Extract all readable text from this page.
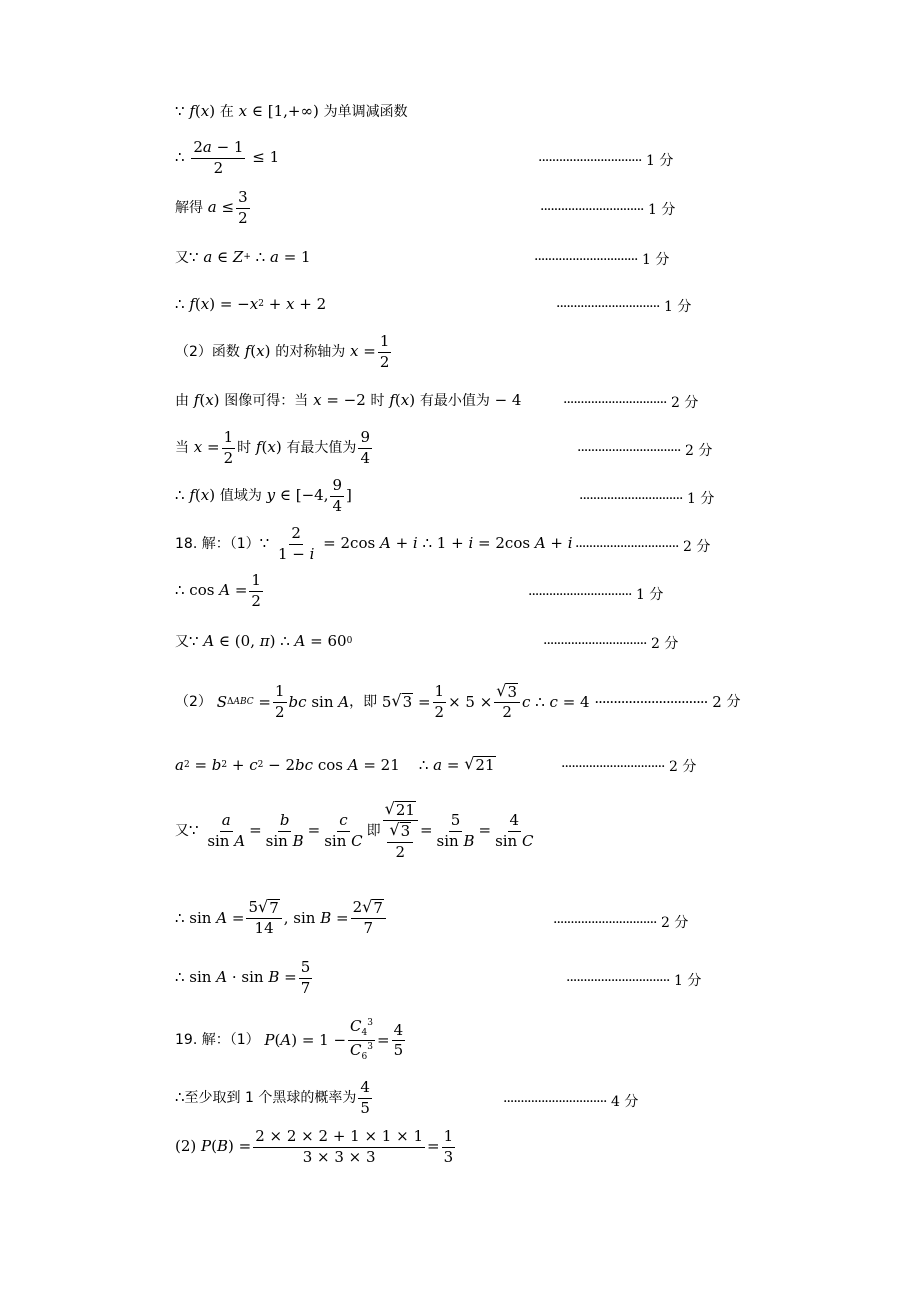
∵ f ( x ) 在
x ∈ [1,+∞) 为单调减函数
∴ $\frac{2a - 1}{2} \le 1$	······························ 1 分
解得
$a \le \frac{3}{2}$	······························ 1 分
又 ∵ a ∈ Z + ∴ a = 1	······························ 1 分
∴ f ( x ) = − x 2 + x + 2	······························ 1 分
（2）函数
f ( x ) 的对称轴为
$x = \frac{1}{2}$
由
f ( x ) 图像可得：当
x = −2 时
f ( x ) 有最小值为 − 4	······························ 2 分
当
$x = \frac{1}{2}$ 时
f ( x ) 有最大值为 $\frac{9}{4}$	······························ 2 分
∴ f ( x ) 值域为
y ∈ [−4, $\frac{9}{4}$ ]	······························ 1 分
18. 解：（1） ∵ $\frac{2}{1 - i} = 2\cos$ A + i ∴ 1 + i = 2cos A + i ······························ 2 分
∴ $\cos A = \frac{1}{2}$	······························ 1 分
又 ∵ A ∈ (0, π ) ∴ A = 60 0	······························ 2 分
（2）
S $\Delta ABC = \frac{1}{2}$ bc sin A ，即 5 √ $3 = \frac{1}{2} \times 5 \times \frac{√ 3}{2}$ c ∴ c = 4 ······························
2
分
a 2 = b 2 + c 2 − 2 bc cos A = 21    ∴ a = √ 21	······························ 2 分
又 ∵ $\frac{a}{\text{sin A}} = \frac{b}{\text{sin B}} = \frac{c}{\text{sin C}}$ 即 $\frac{√ 21}{\frac{√ 3}{2}} = \frac{5}{\text{sin B}} = \frac{4}{\text{sin C}}$
∴ $\sin A = \frac{5 √ 7}{14}$ , $\sin B = \frac{2 √ 7}{7}$	······························ 2 分
∴ $\sin A \cdot \sin B = \frac{5}{7}$	······························ 1 分
19. 解：（1）
P ( A ) = $1 - \frac{C_4^3}{C_6^3} = \frac{4}{5}$
∴ 至少取到 1 个黑球的概率为 $\frac{4}{5}$	······························ 4 分
(2)
P ( B ) = $\frac{2 \times 2 \times 2 + 1 \times 1 \times 1}{3 \times 3 \times 3} = \frac{1}{3}$
